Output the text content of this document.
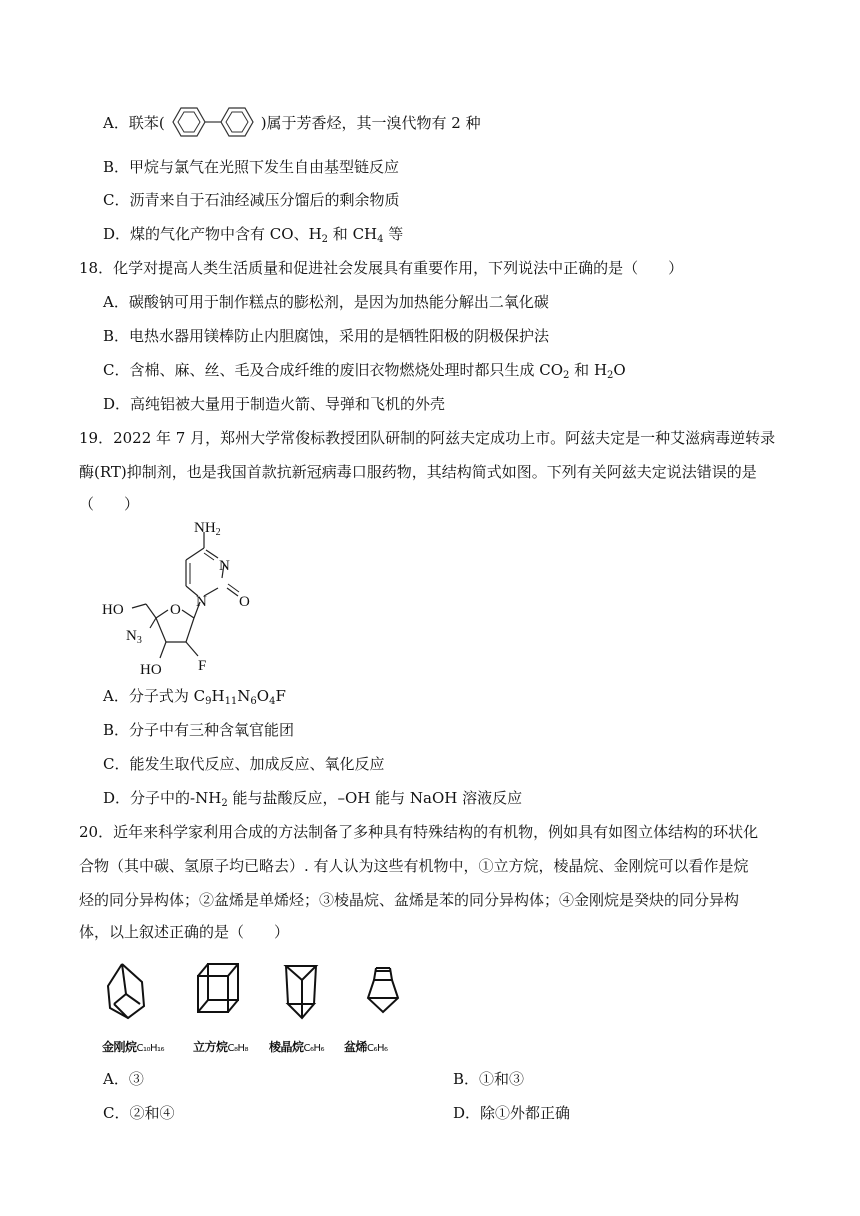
A．联苯(	)属于芳香烃，其一溴代物有 2 种
B．甲烷与氯气在光照下发生自由基型链反应
C．沥青来自于石油经减压分馏后的剩余物质
D．煤的气化产物中含有 CO、$H_2$ 和 $CH_4$ 等
18．化学对提高人类生活质量和促进社会发展具有重要作用，下列说法中正确的是（　　）
A．碳酸钠可用于制作糕点的膨松剂，是因为加热能分解出二氧化碳
B．电热水器用镁棒防止内胆腐蚀，采用的是牺牲阳极的阴极保护法
C．含棉、麻、丝、毛及合成纤维的废旧衣物燃烧处理时都只生成 $CO_2$ 和 $H_2O$
D．高纯铝被大量用于制造火箭、导弹和飞机的外壳
19．2022 年 7 月，郑州大学常俊标教授团队研制的阿兹夫定成功上市。阿兹夫定是一种艾滋病毒逆转录
酶(RT)抑制剂，也是我国首款抗新冠病毒口服药物，其结构简式如图。下列有关阿兹夫定说法错误的是
（　　）
$NH_2$
N
N O
HO	O
$N_3$
HO F
A．分子式为 $C_9H_{11}N_6O_4F$
B．分子中有三种含氧官能团
C．能发生取代反应、加成反应、氧化反应
D．分子中的$-NH_2$ 能与盐酸反应，–OH 能与 NaOH 溶液反应
20．近年来科学家利用合成的方法制备了多种具有特殊结构的有机物，例如具有如图立体结构的环状化
合物（其中碳、氢原子均已略去）. 有人认为这些有机物中，①立方烷，棱晶烷、金刚烷可以看作是烷
烃的同分异构体；②盆烯是单烯烃；③棱晶烷、盆烯是苯的同分异构体；④金刚烷是癸炔的同分异构
体，以上叙述正确的是（　　）
金刚烷C₁₀H₁₆ 立方烷C₈H₈ 棱晶烷C₆H₆ 盆烯C₆H₆
A．③	B．①和③
C．②和④	D．除①外都正确
